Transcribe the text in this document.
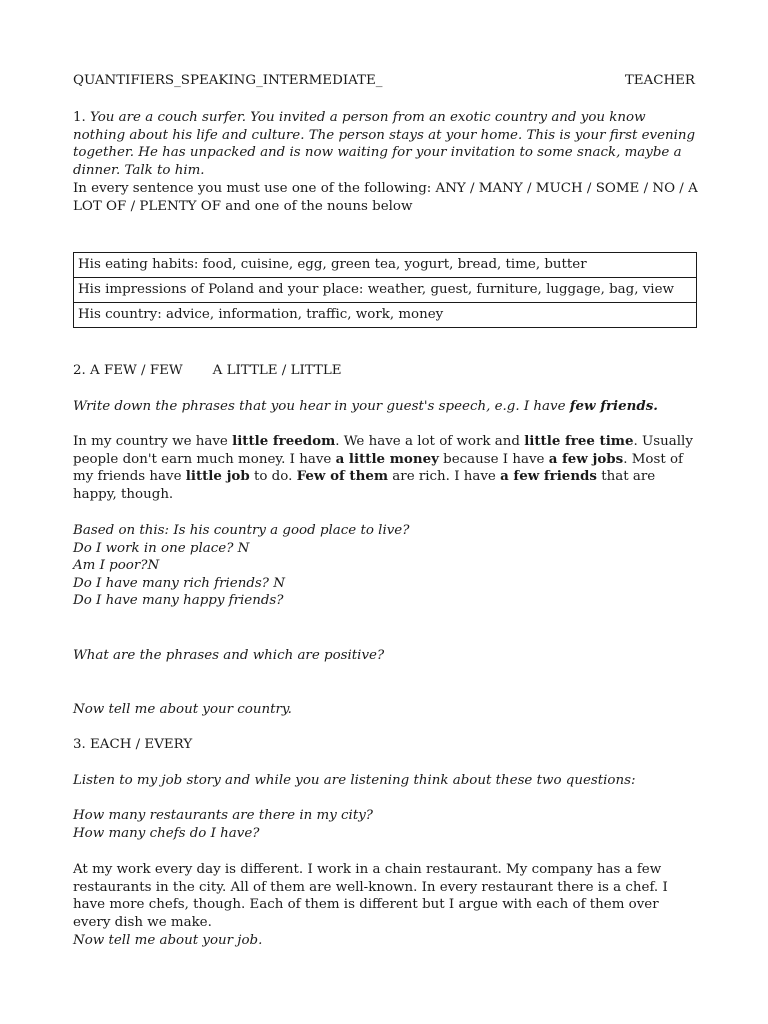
QUANTIFIERS_SPEAKING_INTERMEDIATE_	TEACHER

1. You are a couch surfer. You invited a person from an exotic country and you know nothing about his life and culture. The person stays at your home. This is your first evening together. He has unpacked and is now waiting for your invitation to some snack, maybe a dinner. Talk to him.

In every sentence you must use one of the following: ANY / MANY / MUCH / SOME / NO / A LOT OF / PLENTY OF and one of the nouns below

His eating habits: food, cuisine, egg, green tea, yogurt, bread, time, butter
His impressions of Poland and your place: weather, guest, furniture, luggage, bag, view
His country: advice, information, traffic, work, money

2. A FEW / FEW A LITTLE / LITTLE

Write down the phrases that you hear in your guest's speech, e.g. I have few friends.

In my country we have little freedom. We have a lot of work and little free time. Usually people don't earn much money. I have a little money because I have a few jobs. Most of my friends have little job to do. Few of them are rich. I have a few friends that are happy, though.

Based on this: Is his country a good place to live?
Do I work in one place? N
Am I poor?N
Do I have many rich friends? N
Do I have many happy friends?

What are the phrases and which are positive?

Now tell me about your country.

3. EACH / EVERY

Listen to my job story and while you are listening think about these two questions:

How many restaurants are there in my city?
How many chefs do I have?

At my work every day is different. I work in a chain restaurant. My company has a few restaurants in the city. All of them are well-known. In every restaurant there is a chef. I have more chefs, though. Each of them is different but I argue with each of them over every dish we make.

Now tell me about your job.
